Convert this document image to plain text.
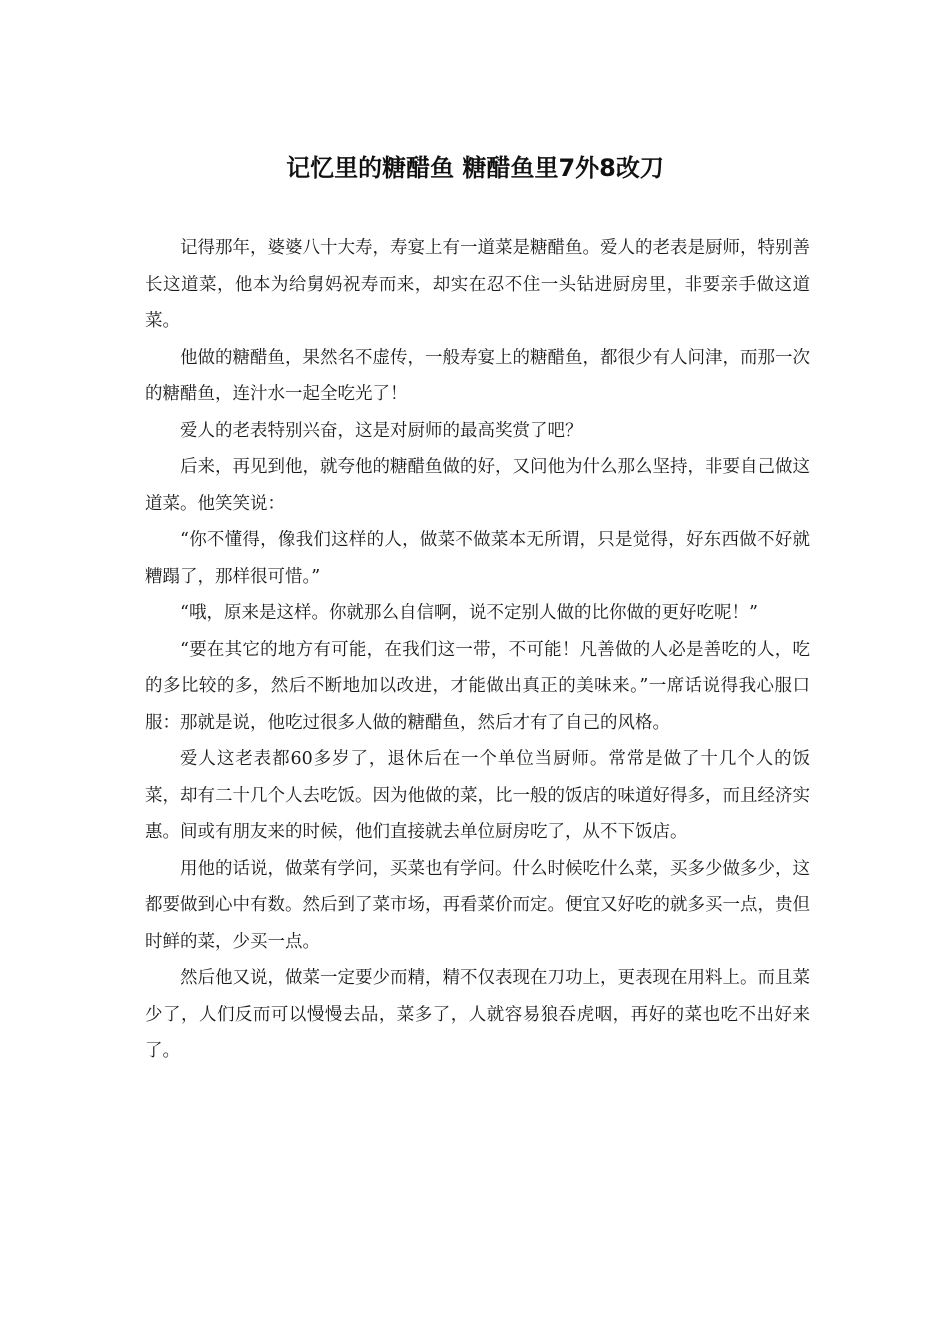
记忆里的糖醋鱼 糖醋鱼里7外8改刀

记得那年，婆婆八十大寿，寿宴上有一道菜是糖醋鱼。爱人的老表是厨师，特别善长这道菜，他本为给舅妈祝寿而来，却实在忍不住一头钻进厨房里，非要亲手做这道菜。

他做的糖醋鱼，果然名不虚传，一般寿宴上的糖醋鱼，都很少有人问津，而那一次的糖醋鱼，连汁水一起全吃光了！

爱人的老表特别兴奋，这是对厨师的最高奖赏了吧？

后来，再见到他，就夸他的糖醋鱼做的好，又问他为什么那么坚持，非要自己做这道菜。他笑笑说：

“你不懂得，像我们这样的人，做菜不做菜本无所谓，只是觉得，好东西做不好就糟蹋了，那样很可惜。”

“哦，原来是这样。你就那么自信啊，说不定别人做的比你做的更好吃呢！”

“要在其它的地方有可能，在我们这一带，不可能！凡善做的人必是善吃的人，吃的多比较的多，然后不断地加以改进，才能做出真正的美味来。”一席话说得我心服口服：那就是说，他吃过很多人做的糖醋鱼，然后才有了自己的风格。

爱人这老表都60多岁了，退休后在一个单位当厨师。常常是做了十几个人的饭菜，却有二十几个人去吃饭。因为他做的菜，比一般的饭店的味道好得多，而且经济实惠。间或有朋友来的时候，他们直接就去单位厨房吃了，从不下饭店。

用他的话说，做菜有学问，买菜也有学问。什么时候吃什么菜，买多少做多少，这都要做到心中有数。然后到了菜市场，再看菜价而定。便宜又好吃的就多买一点，贵但时鲜的菜，少买一点。

然后他又说，做菜一定要少而精，精不仅表现在刀功上，更表现在用料上。而且菜少了，人们反而可以慢慢去品，菜多了，人就容易狼吞虎咽，再好的菜也吃不出好来了。
